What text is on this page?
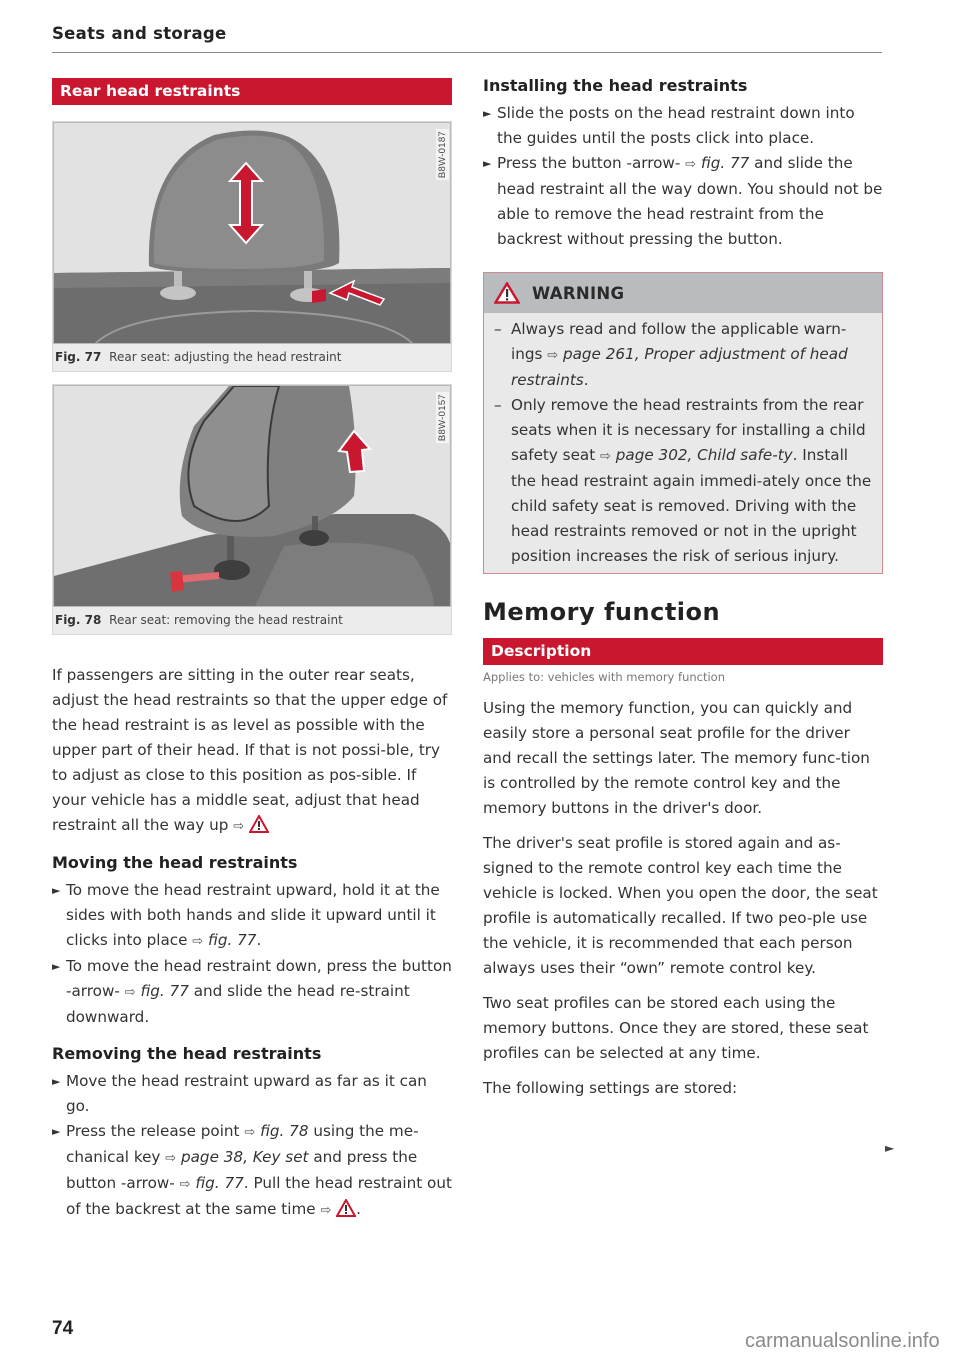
Seats and storage
Rear head restraints
B8W-0187
Fig. 77 Rear seat: adjusting the head restraint
B8W-0157
Fig. 78 Rear seat: removing the head restraint

If passengers are sitting in the outer rear seats, adjust the head restraints so that the upper edge of the head restraint is as level as possible with the upper part of their head. If that is not possi-ble, try to adjust as close to this position as pos-sible. If your vehicle has a middle seat, adjust that head restraint all the way up ⇨

Moving the head restraints
► To move the head restraint upward, hold it at the sides with both hands and slide it upward until it clicks into place ⇨ fig. 77.
► To move the head restraint down, press the button -arrow- ⇨ fig. 77 and slide the head re-straint downward.
Removing the head restraints
► Move the head restraint upward as far as it can go.
► Press the release point ⇨ fig. 78 using the me-chanical key ⇨ page 38, Key set and press the button -arrow- ⇨ fig. 77. Pull the head restraint out of the backrest at the same time ⇨ .
Installing the head restraints
► Slide the posts on the head restraint down into the guides until the posts click into place.
► Press the button -arrow- ⇨ fig. 77 and slide the head restraint all the way down. You should not be able to remove the head restraint from the backrest without pressing the button.
WARNING
– Always read and follow the applicable warn-ings ⇨ page 261, Proper adjustment of head restraints.
– Only remove the head restraints from the rear seats when it is necessary for installing a child safety seat ⇨ page 302, Child safe-ty. Install the head restraint again immedi-ately once the child safety seat is removed. Driving with the head restraints removed or not in the upright position increases the risk of serious injury.
Memory function
Description
Applies to: vehicles with memory function

Using the memory function, you can quickly and easily store a personal seat profile for the driver and recall the settings later. The memory func-tion is controlled by the remote control key and the memory buttons in the driver's door.

The driver's seat profile is stored again and as-signed to the remote control key each time the vehicle is locked. When you open the door, the seat profile is automatically recalled. If two peo-ple use the vehicle, it is recommended that each person always uses their “own” remote control key.

Two seat profiles can be stored each using the memory buttons. Once they are stored, these seat profiles can be selected at any time.

The following settings are stored:

►
74
carmanualsonline.info
